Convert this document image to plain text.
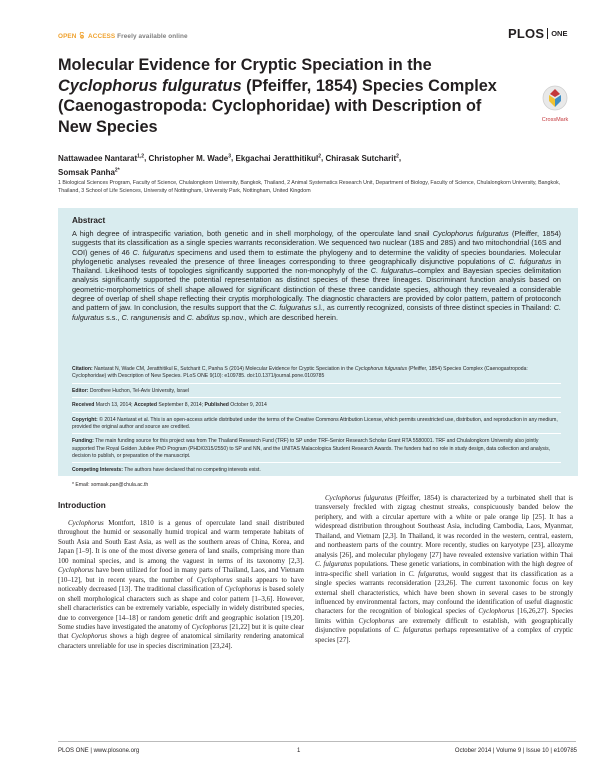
OPEN ACCESS Freely available online	PLOS ONE
Molecular Evidence for Cryptic Speciation in the
Cyclophorus fulguratus (Pfeiffer, 1854) Species Complex
(Caenogastropoda: Cyclophoridae) with Description of
New Species	CrossMark
Nattawadee Nantarat$^{1,2}$, Christopher M. Wade$^3$, Ekgachai Jeratthitikul$^2$, Chirasak Sutcharit$^2$,
Somsak Panha$^{2*}$
1 Biological Sciences Program, Faculty of Science, Chulalongkorn University, Bangkok, Thailand, 2 Animal Systematics Research Unit, Department of Biology, Faculty of Science, Chulalongkorn University, Bangkok, Thailand, 3 School of Life Sciences, University of Nottingham, University Park, Nottingham, United Kingdom
Abstract
A high degree of intraspecific variation, both genetic and in shell morphology, of the operculate land snail Cyclophorus fulguratus (Pfeiffer, 1854) suggests that its classification as a single species warrants reconsideration. We sequenced two nuclear (18S and 28S) and two mitochondrial (16S and COI) genes of 46 C. fulguratus specimens and used them to estimate the phylogeny and to determine the validity of species boundaries. Molecular phylogenetic analyses revealed the presence of three lineages corresponding to three geographically disjunctive populations of C. fulguratus in Thailand. Likelihood tests of topologies significantly supported the non-monophyly of the C. fulguratus–complex and Bayesian species delimitation analysis significantly supported the potential representation as distinct species of these three lineages. Discriminant function analysis based on geometric-morphometrics of shell shape allowed for significant distinction of these three candidate species, although they revealed a considerable degree of overlap of shell shape reflecting their cryptis morphologically. The diagnostic characters are provided by color pattern, pattern of protoconch and pattern of jaw. In conclusion, the results support that the C. fulguratus s.l., as currently recognized, consists of three distinct species in Thailand: C. fulguratus s.s., C. rangunensis and C. abditus sp.nov., which are described herein.

Citation: Nantarat N, Wade CM, Jeratthitikul E, Sutcharit C, Panha S (2014) Molecular Evidence for Cryptic Speciation in the Cyclophorus fulguratus (Pfeiffer, 1854) Species Complex (Caenogastropoda: Cyclophoridae) with Description of New Species. PLoS ONE 9(10): e109785. doi:10.1371/journal.pone.0109785

Editor: Dorothee Huchon, Tel-Aviv University, Israel

Received March 13, 2014; Accepted September 8, 2014; Published October 9, 2014

Copyright: © 2014 Nantarat et al. This is an open-access article distributed under the terms of the Creative Commons Attribution License, which permits unrestricted use, distribution, and reproduction in any medium, provided the original author and source are credited.

Funding: The main funding source for this project was from The Thailand Research Fund (TRF) to SP under TRF-Senior Research Scholar Grant RTA 5580001. TRF and Chulalongkorn University also jointly supported The Royal Golden Jubilee PhD Program (PHD/0315/2550) to SP and NN, and the UNITAS Malacologica Student Research Awards. The funders had no role in study design, data collection and analysis, decision to publish, or preparation of the manuscript.

Competing Interests: The authors have declared that no competing interests exist.

* Email: somsak.pan@chula.ac.th

Introduction
Cyclophorus Montfort, 1810 is a genus of operculate land snail distributed throughout the humid or seasonally humid tropical and warm temperate habitats of South Asia and South East Asia, as well as the southern areas of China, Korea, and Japan [1–9]. It is one of the most diverse genera of land snails, comprising more than 100 nominal species, and is among the vaguest in terms of its taxonomy [2,3]. Cyclophorus have been utilized for food in many parts of Thailand, Laos, and Vietnam [10–12], but in recent years, the number of Cyclophorus snails appears to have noticeably decreased [13]. The traditional classification of Cyclophorus is based solely on shell morphological characters such as shape and color pattern [1–3,6]. However, shell characteristics can be extremely variable, especially in widely distributed species, due to convergence [14–18] or random genetic drift and geographic isolation [19,20]. Some studies have investigated the anatomy of Cyclophorus [21,22] but it is quite clear that Cyclophorus shows a high degree of anatomical similarity rendering anatomical characters unreliable for use in species discrimination [23,24].
Cyclophorus fulguratus (Pfeiffer, 1854) is characterized by a turbinated shell that is transversely freckled with zigzag chestnut streaks, conspicuously banded below the periphery, and with a circular aperture with a white or pale orange lip [25]. It has a widespread distribution throughout Southeast Asia, including Cambodia, Laos, Myanmar, Thailand, and Vietnam [2,3]. In Thailand, it was recorded in the western, central, eastern, and northeastern parts of the country. More recently, studies on karyotype [23], allozyme analysis [26], and molecular phylogeny [27] have revealed extensive variation within Thai C. fulguratus populations. These genetic variations, in combination with the high degree of intra-specific shell variation in C. fulguratus, would suggest that its classification as a single species warrants reconsideration [23,26]. The current taxonomic focus on key external shell characteristics, which have been shown in several cases to be strongly influenced by environmental factors, may confound the identification of useful diagnostic characters for the recognition of biological species of Cyclophorus [16,26,27]. Species limits within Cyclophorus are extremely difficult to establish, with geographically disjunctive populations of C. fulguratus perhaps representative of a complex of cryptic species [27].
PLOS ONE | www.plosone.org	1	October 2014 | Volume 9 | Issue 10 | e109785
